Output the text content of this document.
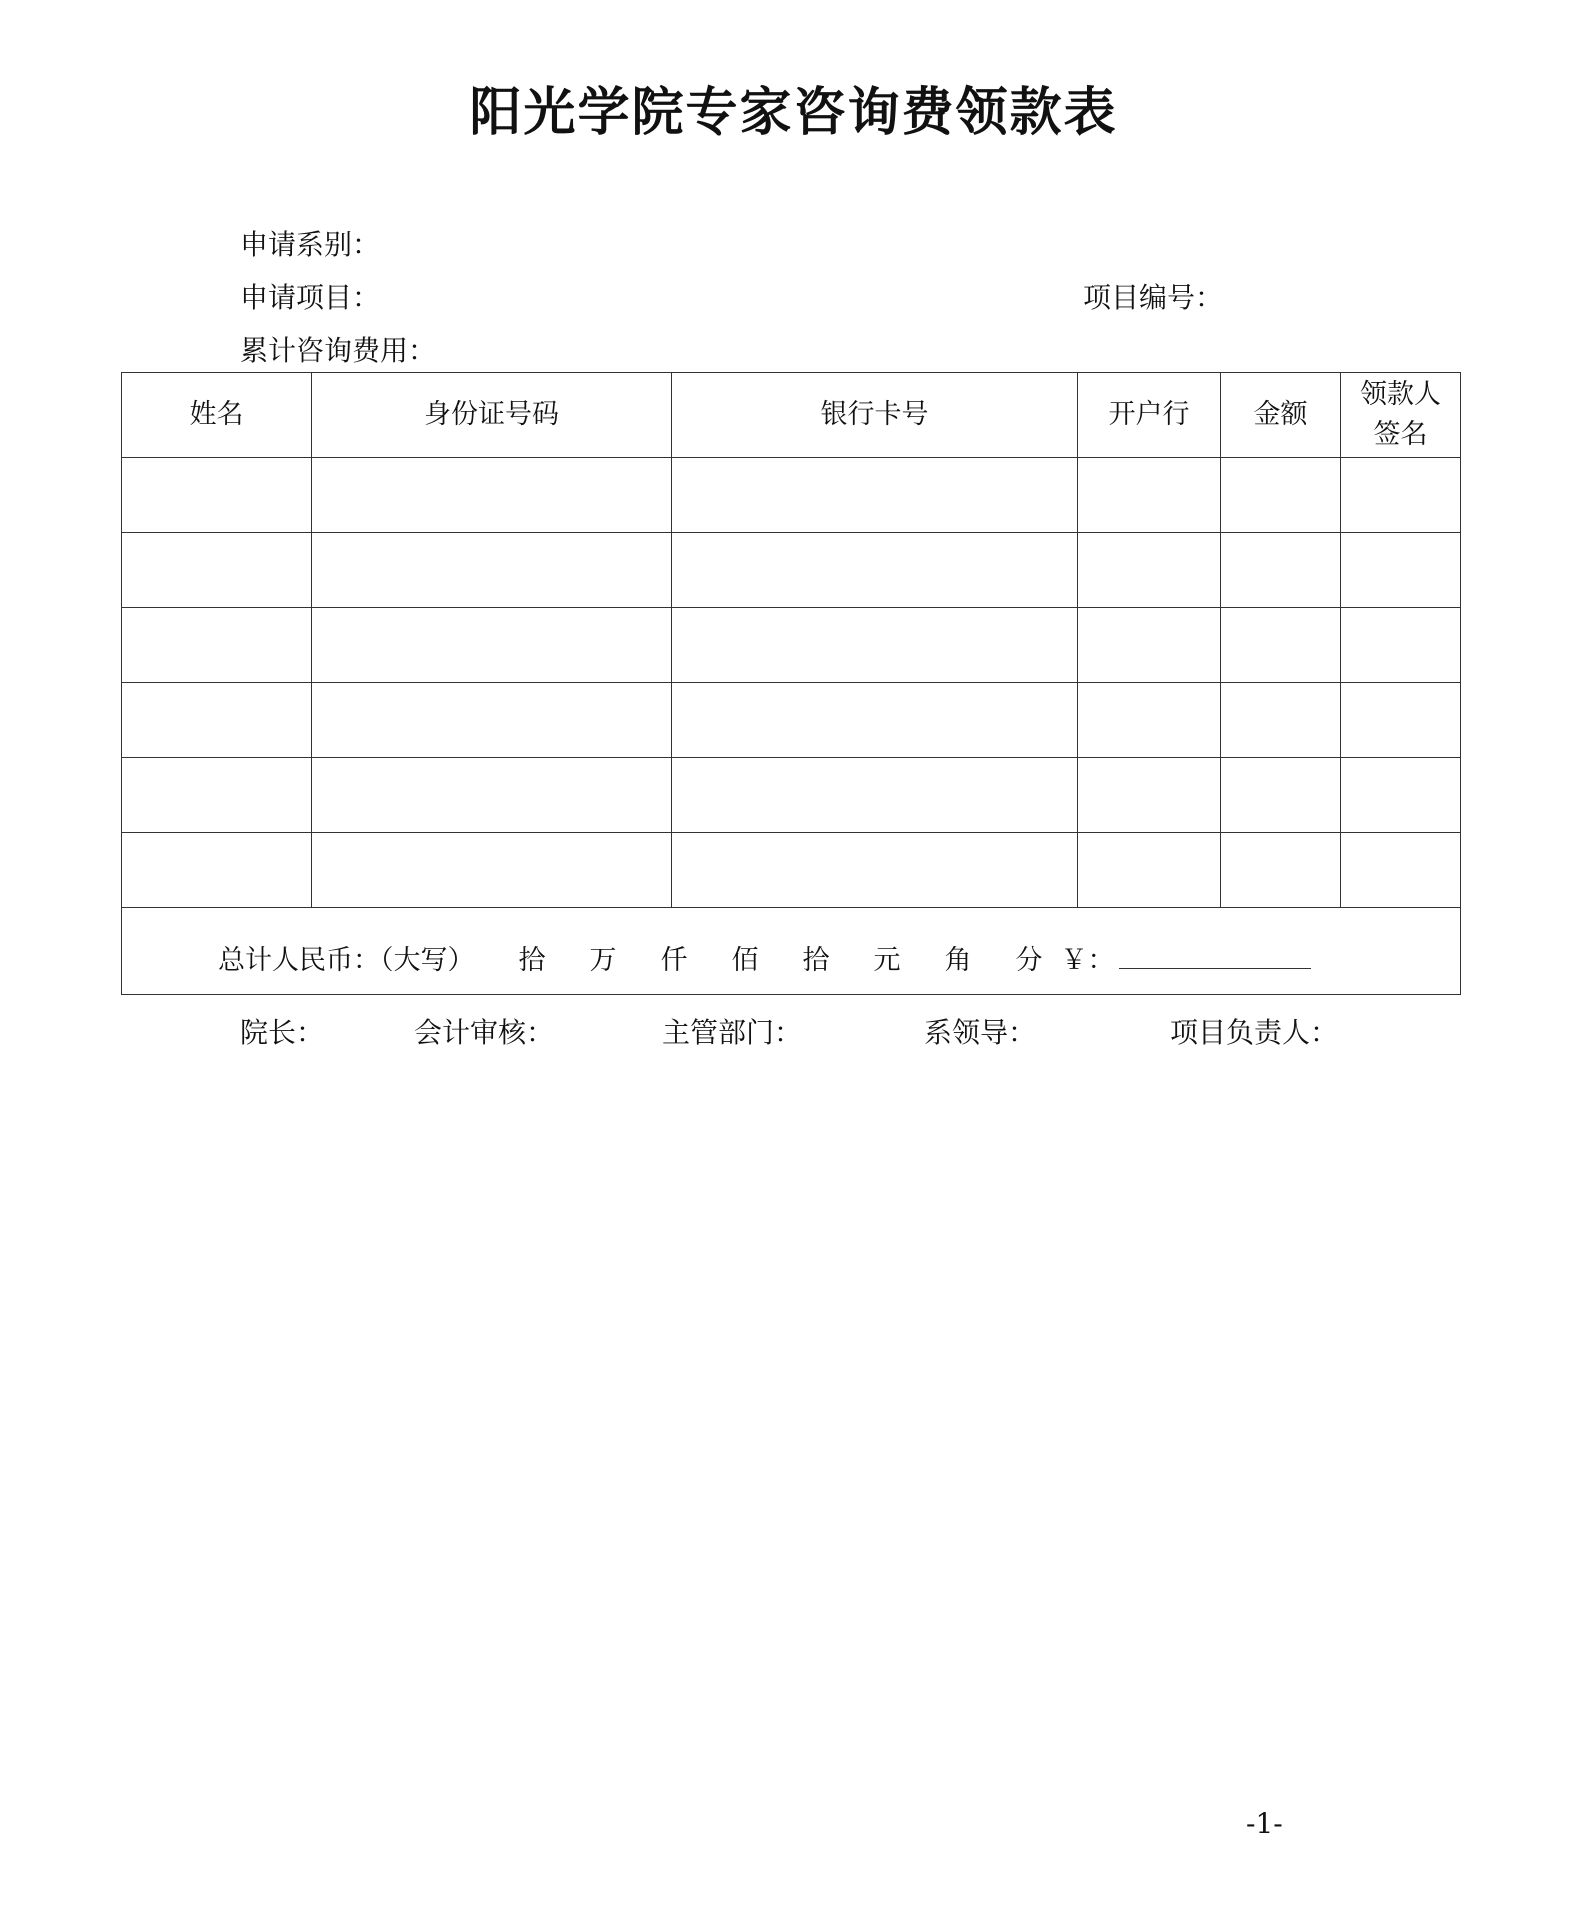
阳光学院专家咨询费领款表
申请系别：
申请项目：	项目编号：
累计咨询费用：
姓名	身份证号码	银行卡号	开户行	金额	领款人
签名

总计人民币：（大写） 拾 万 仟 佰 拾 元 角 分 ￥：					
院长：	会计审核：	主管部门：	系领导：	项目负责人：
-1-
